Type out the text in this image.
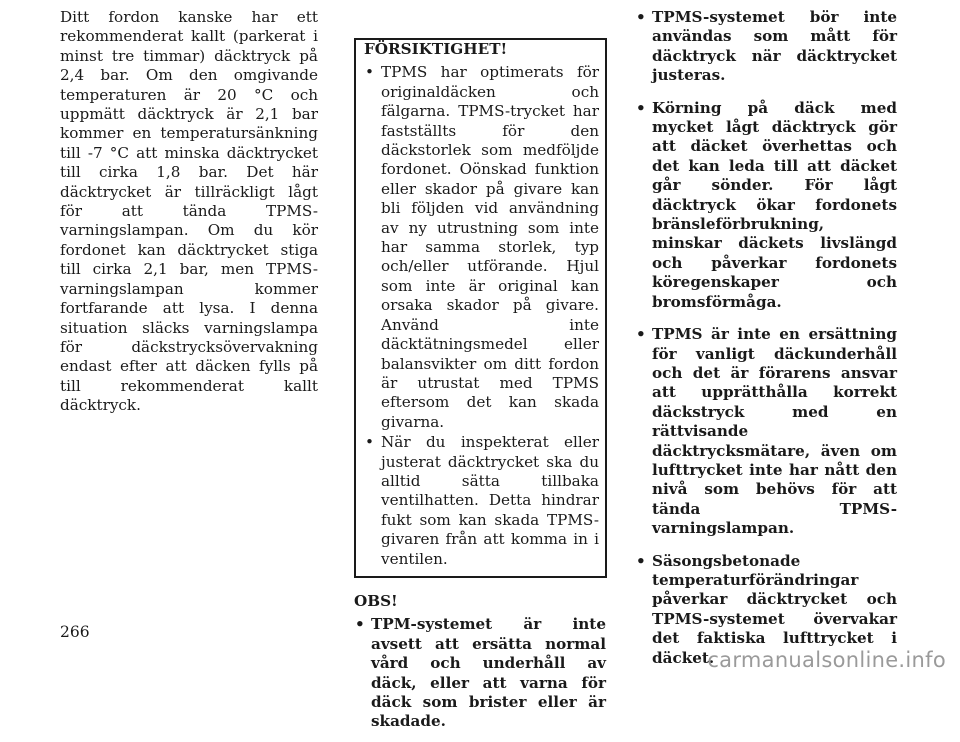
Ditt fordon kanske har ett rekommenderat kallt (parkerat i minst tre timmar) däcktryck på 2,4 bar. Om den omgivande temperaturen är 20 °C och uppmätt däcktryck är 2,1 bar kommer en temperatursänkning till -7 °C att minska däcktrycket till cirka 1,8 bar. Det här däcktrycket är tillräckligt lågt för att tända TPMS-varningslampan. Om du kör fordonet kan däcktrycket stiga till cirka 2,1 bar, men TPMS-varningslampan kommer fortfarande att lysa. I denna situation släcks varningslampa för däckstrycksövervakning endast efter att däcken fylls på till rekommenderat kallt däcktryck.

FÖRSIKTIGHET!

• TPMS har optimerats för originaldäcken och fälgarna. TPMS-trycket har fastställts för den däckstorlek som medföljde fordonet. Oönskad funktion eller skador på givare kan bli följden vid användning av ny utrustning som inte har samma storlek, typ och/eller utförande. Hjul som inte är original kan orsaka skador på givare. Använd inte däcktätningsmedel eller balansvikter om ditt fordon är utrustat med TPMS eftersom det kan skada givarna.
• När du inspekterat eller justerat däcktrycket ska du alltid sätta tillbaka ventilhatten. Detta hindrar fukt som kan skada TPMS-givaren från att komma in i ventilen.

OBS!

• TPM-systemet är inte avsett att ersätta normal vård och underhåll av däck, eller att varna för däck som brister eller är skadade.
• TPMS-systemet bör inte användas som mått för däcktryck när däcktrycket justeras.
• Körning på däck med mycket lågt däcktryck gör att däcket överhettas och det kan leda till att däcket går sönder. För lågt däcktryck ökar fordonets bränsleförbrukning, minskar däckets livslängd och påverkar fordonets köregenskaper och bromsförmåga.
• TPMS är inte en ersättning för vanligt däckunderhåll och det är förarens ansvar att upprätthålla korrekt däckstryck med en rättvisande däcktrycksmätare, även om lufttrycket inte har nått den nivå som behövs för att tända TPMS-varningslampan.
• Säsongsbetonade temperaturförändringar påverkar däcktrycket och TPMS-systemet övervakar det faktiska lufttrycket i däcket.
266
carmanualsonline.info
